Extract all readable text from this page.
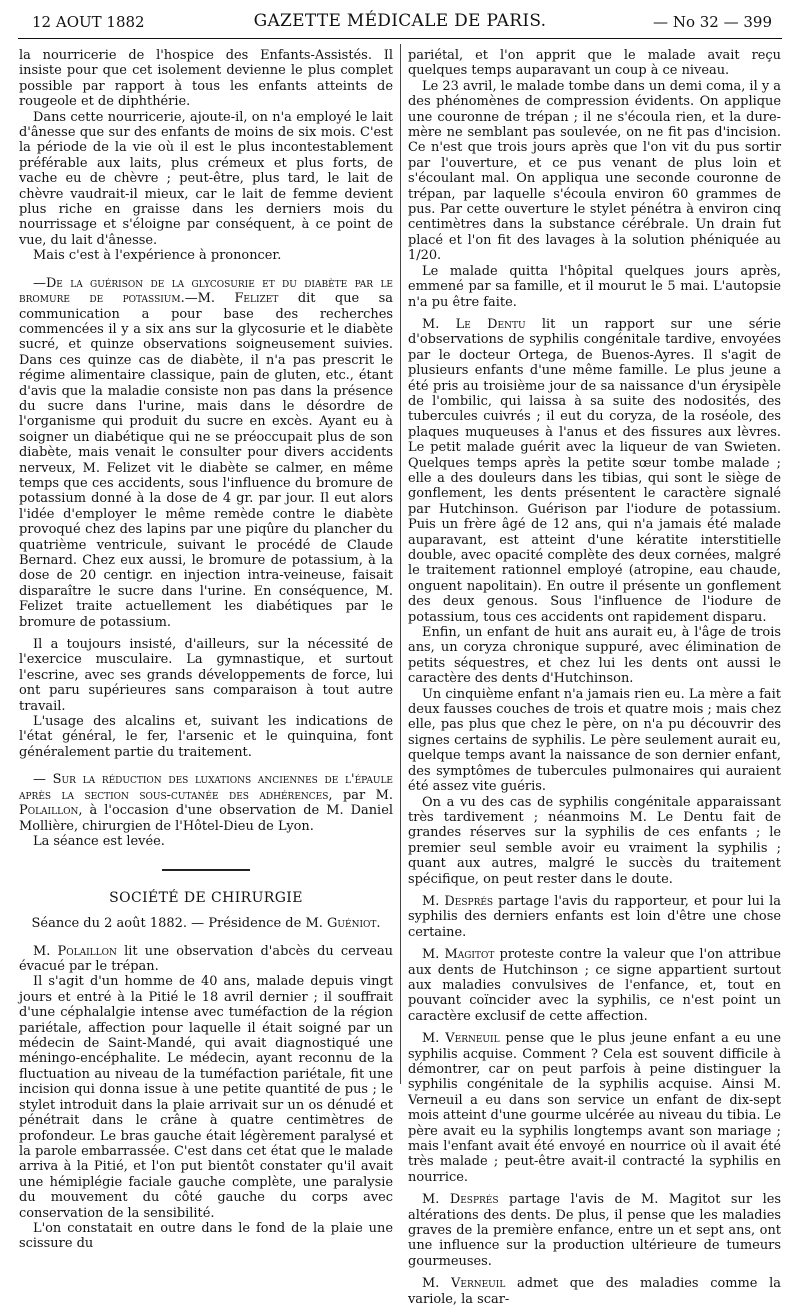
12 AOUT 1882	GAZETTE MÉDICALE DE PARIS.	— No 32 — 399

la nourricerie de l'hospice des Enfants-Assistés. Il insiste pour que cet isolement devienne le plus complet possible par rapport à tous les enfants atteints de rougeole et de diphthérie.

Dans cette nourricerie, ajoute-il, on n'a employé le lait d'ânesse que sur des enfants de moins de six mois. C'est la période de la vie où il est le plus incontestablement préférable aux laits, plus crémeux et plus forts, de vache eu de chèvre ; peut-être, plus tard, le lait de chèvre vaudrait-il mieux, car le lait de femme devient plus riche en graisse dans les derniers mois du nourrissage et s'éloigne par conséquent, à ce point de vue, du lait d'ânesse.

Mais c'est à l'expérience à prononcer.

—De la guérison de la glycosurie et du diabète par le bromure de potassium.—M. Felizet dit que sa communication a pour base des recherches commencées il y a six ans sur la glycosurie et le diabète sucré, et quinze observations soigneusement suivies. Dans ces quinze cas de diabète, il n'a pas prescrit le régime alimentaire classique, pain de gluten, etc., étant d'avis que la maladie consiste non pas dans la présence du sucre dans l'urine, mais dans le désordre de l'organisme qui produit du sucre en excès. Ayant eu à soigner un diabétique qui ne se préoccupait plus de son diabète, mais venait le consulter pour divers accidents nerveux, M. Felizet vit le diabète se calmer, en même temps que ces accidents, sous l'influence du bromure de potassium donné à la dose de 4 gr. par jour. Il eut alors l'idée d'employer le même remède contre le diabète provoqué chez des lapins par une piqûre du plancher du quatrième ventricule, suivant le procédé de Claude Bernard. Chez eux aussi, le bromure de potassium, à la dose de 20 centigr. en injection intra-veineuse, faisait disparaître le sucre dans l'urine. En conséquence, M. Felizet traite actuellement les diabétiques par le bromure de potassium.

Il a toujours insisté, d'ailleurs, sur la nécessité de l'exercice musculaire. La gymnastique, et surtout l'escrine, avec ses grands développements de force, lui ont paru supérieures sans comparaison à tout autre travail.

L'usage des alcalins et, suivant les indications de l'état général, le fer, l'arsenic et le quinquina, font généralement partie du traitement.

— Sur la réduction des luxations anciennes de l'épaule après la section sous-cutanée des adhérences, par M. Polaillon, à l'occasion d'une observation de M. Daniel Mollière, chirurgien de l'Hôtel-Dieu de Lyon.

La séance est levée.

SOCIÉTÉ DE CHIRURGIE
Séance du 2 août 1882. — Présidence de M. Guéniot.

M. Polaillon lit une observation d'abcès du cerveau évacué par le trépan.

Il s'agit d'un homme de 40 ans, malade depuis vingt jours et entré à la Pitié le 18 avril dernier ; il souffrait d'une céphalalgie intense avec tuméfaction de la région pariétale, affection pour laquelle il était soigné par un médecin de Saint-Mandé, qui avait diagnostiqué une méningo-encéphalite. Le médecin, ayant reconnu de la fluctuation au niveau de la tuméfaction pariétale, fit une incision qui donna issue à une petite quantité de pus ; le stylet introduit dans la plaie arrivait sur un os dénudé et pénétrait dans le crâne à quatre centimètres de profondeur. Le bras gauche était légèrement paralysé et la parole embarrassée. C'est dans cet état que le malade arriva à la Pitié, et l'on put bientôt constater qu'il avait une hémiplégie faciale gauche complète, une paralysie du mouvement du côté gauche du corps avec conservation de la sensibilité.

L'on constatait en outre dans le fond de la plaie une scissure du

pariétal, et l'on apprit que le malade avait reçu quelques temps auparavant un coup à ce niveau.

Le 23 avril, le malade tombe dans un demi coma, il y a des phénomènes de compression évidents. On applique une couronne de trépan ; il ne s'écoula rien, et la dure-mère ne semblant pas soulevée, on ne fit pas d'incision. Ce n'est que trois jours après que l'on vit du pus sortir par l'ouverture, et ce pus venant de plus loin et s'écoulant mal. On appliqua une seconde couronne de trépan, par laquelle s'écoula environ 60 grammes de pus. Par cette ouverture le stylet pénétra à environ cinq centimètres dans la substance cérébrale. Un drain fut placé et l'on fit des lavages à la solution phéniquée au 1/20.

Le malade quitta l'hôpital quelques jours après, emmené par sa famille, et il mourut le 5 mai. L'autopsie n'a pu être faite.

M. Le Dentu lit un rapport sur une série d'observations de syphilis congénitale tardive, envoyées par le docteur Ortega, de Buenos-Ayres. Il s'agit de plusieurs enfants d'une même famille. Le plus jeune a été pris au troisième jour de sa naissance d'un érysipèle de l'ombilic, qui laissa à sa suite des nodosités, des tubercules cuivrés ; il eut du coryza, de la roséole, des plaques muqueuses à l'anus et des fissures aux lèvres. Le petit malade guérit avec la liqueur de van Swieten. Quelques temps après la petite sœur tombe malade ; elle a des douleurs dans les tibias, qui sont le siège de gonflement, les dents présentent le caractère signalé par Hutchinson. Guérison par l'iodure de potassium. Puis un frère âgé de 12 ans, qui n'a jamais été malade auparavant, est atteint d'une kératite interstitielle double, avec opacité complète des deux cornées, malgré le traitement rationnel employé (atropine, eau chaude, onguent napolitain). En outre il présente un gonflement des deux genous. Sous l'influence de l'iodure de potassium, tous ces accidents ont rapidement disparu.

Enfin, un enfant de huit ans aurait eu, à l'âge de trois ans, un coryza chronique suppuré, avec élimination de petits séquestres, et chez lui les dents ont aussi le caractère des dents d'Hutchinson.

Un cinquième enfant n'a jamais rien eu. La mère a fait deux fausses couches de trois et quatre mois ; mais chez elle, pas plus que chez le père, on n'a pu découvrir des signes certains de syphilis. Le père seulement aurait eu, quelque temps avant la naissance de son dernier enfant, des symptômes de tubercules pulmonaires qui auraient été assez vite guéris.

On a vu des cas de syphilis congénitale apparaissant très tardivement ; néanmoins M. Le Dentu fait de grandes réserves sur la syphilis de ces enfants ; le premier seul semble avoir eu vraiment la syphilis ; quant aux autres, malgré le succès du traitement spécifique, on peut rester dans le doute.

M. Després partage l'avis du rapporteur, et pour lui la syphilis des derniers enfants est loin d'être une chose certaine.

M. Magitot proteste contre la valeur que l'on attribue aux dents de Hutchinson ; ce signe appartient surtout aux maladies convulsives de l'enfance, et, tout en pouvant coïncider avec la syphilis, ce n'est point un caractère exclusif de cette affection.

M. Verneuil pense que le plus jeune enfant a eu une syphilis acquise. Comment ? Cela est souvent difficile à démontrer, car on peut parfois à peine distinguer la syphilis congénitale de la syphilis acquise. Ainsi M. Verneuil a eu dans son service un enfant de dix-sept mois atteint d'une gourme ulcérée au niveau du tibia. Le père avait eu la syphilis longtemps avant son mariage ; mais l'enfant avait été envoyé en nourrice où il avait été très malade ; peut-être avait-il contracté la syphilis en nourrice.

M. Després partage l'avis de M. Magitot sur les altérations des dents. De plus, il pense que les maladies graves de la première enfance, entre un et sept ans, ont une influence sur la production ultérieure de tumeurs gourmeuses.

M. Verneuil admet que des maladies comme la variole, la scar-
